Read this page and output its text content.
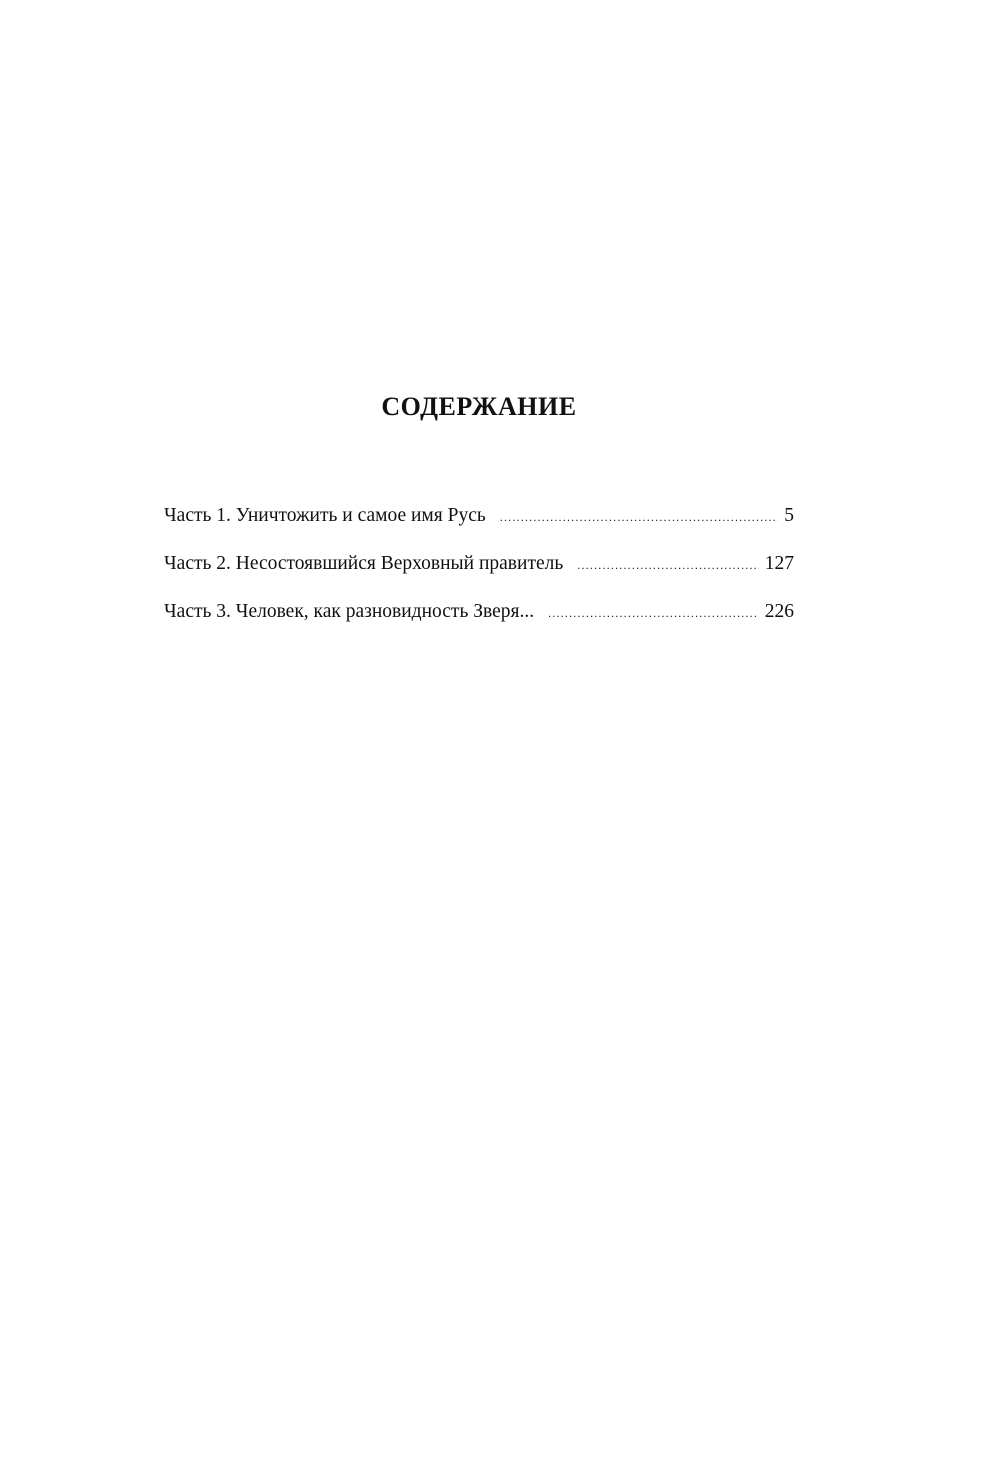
СОДЕРЖАНИЕ
Часть 1. Уничтожить и самое имя Русь .....	5
Часть 2. Несостоявшийся Верховный правитель .....	127
Часть 3. Человек, как разновидность Зверя... .....	226
